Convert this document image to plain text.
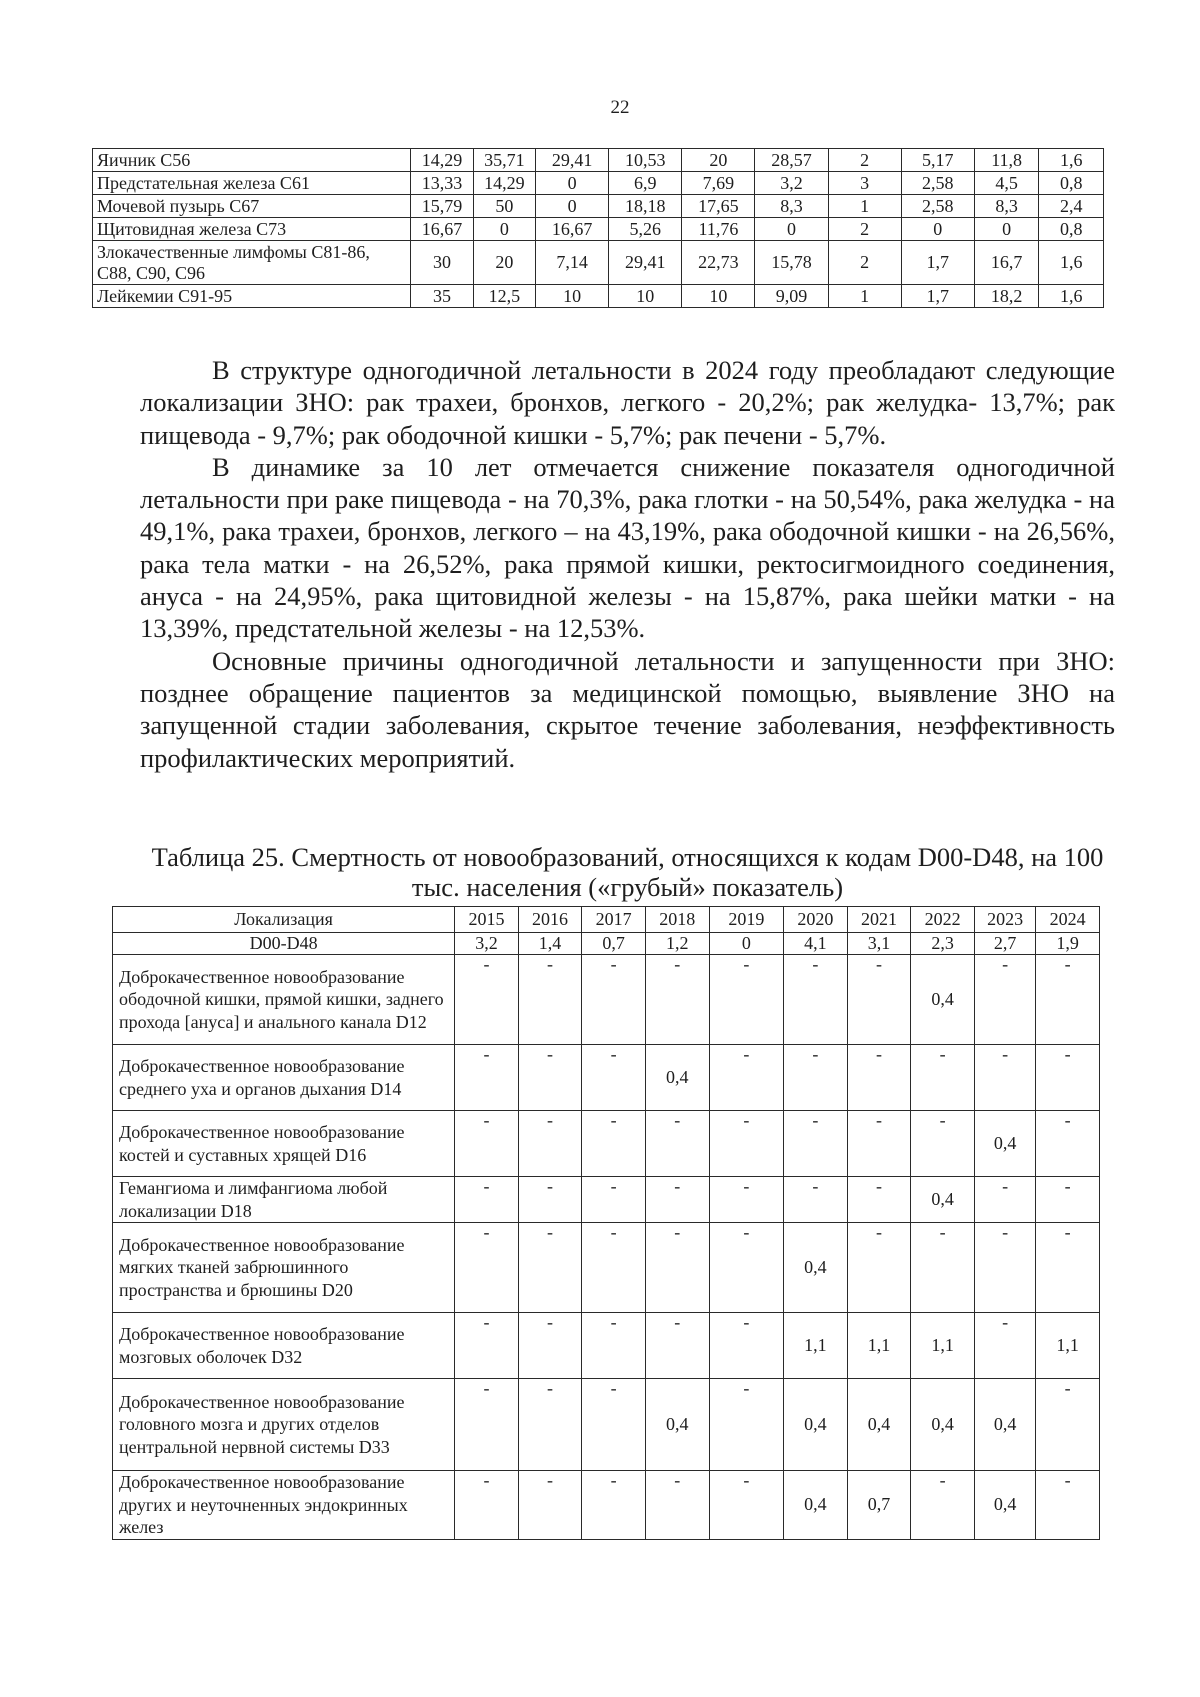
22
Яичник С56	14,29	35,71	29,41	10,53	20	28,57	2	5,17	11,8	1,6
Предстательная железа С61	13,33	14,29	0	6,9	7,69	3,2	3	2,58	4,5	0,8
Мочевой пузырь С67	15,79	50	0	18,18	17,65	8,3	1	2,58	8,3	2,4
Щитовидная железа С73	16,67	0	16,67	5,26	11,76	0	2	0	0	0,8
Злокачественные лимфомы С81-86, С88, С90, С96	30	20	7,14	29,41	22,73	15,78	2	1,7	16,7	1,6
Лейкемии С91-95	35	12,5	10	10	10	9,09	1	1,7	18,2	1,6

В структуре одногодичной летальности в 2024 году преобладают следующие локализации ЗНО: рак трахеи, бронхов, легкого - 20,2%; рак желудка- 13,7%; рак пищевода - 9,7%; рак ободочной кишки - 5,7%; рак печени - 5,7%.

В динамике за 10 лет отмечается снижение показателя одногодичной летальности при раке пищевода - на 70,3%, рака глотки - на 50,54%, рака желудка - на 49,1%, рака трахеи, бронхов, легкого – на 43,19%, рака ободочной кишки - на 26,56%, рака тела матки - на 26,52%, рака прямой кишки, ректосигмоидного соединения, ануса - на 24,95%, рака щитовидной железы - на 15,87%, рака шейки матки - на 13,39%, предстательной железы - на 12,53%.

Основные причины одногодичной летальности и запущенности при ЗНО: позднее обращение пациентов за медицинской помощью, выявление ЗНО на запущенной стадии заболевания, скрытое течение заболевания, неэффективность профилактических мероприятий.

Таблица 25. Смертность от новообразований, относящихся к кодам D00-D48, на 100 тыс. населения («грубый» показатель)
Локализация	2015	2016	2017	2018	2019	2020	2021	2022	2023	2024
D00-D48	3,2	1,4	0,7	1,2	0	4,1	3,1	2,3	2,7	1,9
Доброкачественное новообразование ободочной кишки, прямой кишки, заднего прохода [ануса] и анального канала D12	-	-	-	-	-	-	-	0,4	-	-

Доброкачественное новообразование среднего уха и органов дыхания D14	-	-	-	0,4	-	-	-	-	-	-

Доброкачественное новообразование костей и суставных хрящей D16	-	-	-	-	-	-	-	-	0,4	-

Гемангиома и лимфангиома любой локализации D18	-	-	-	-	-	-	-	0,4	-	-

Доброкачественное новообразование мягких тканей забрюшинного пространства и брюшины D20	-	-	-	-	-	0,4	-	-	-	-

Доброкачественное новообразование мозговых оболочек D32	-	-	-	-	-	1,1	1,1	1,1	-	1,1

Доброкачественное новообразование головного мозга и других отделов центральной нервной системы D33	-	-	-	0,4	-	0,4	0,4	0,4	0,4	-

Доброкачественное новообразование других и неуточненных эндокринных желез	-	-	-	-	-	0,4	0,7	-	0,4	-
